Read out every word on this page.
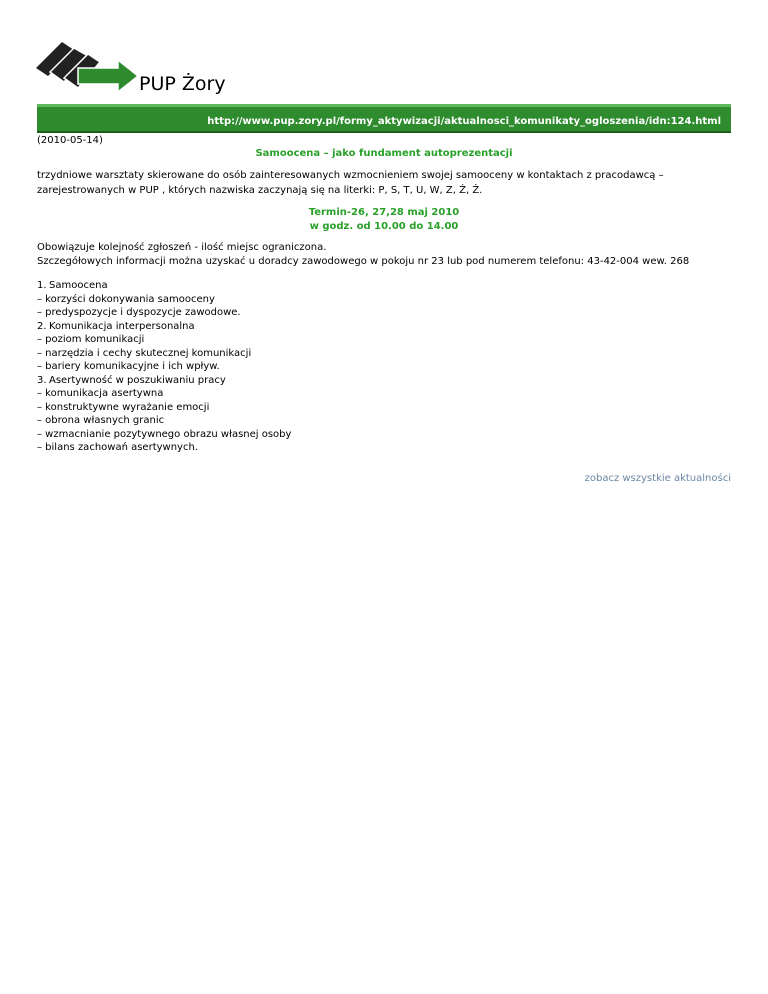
PUP Żory
http://www.pup.zory.pl/formy_aktywizacji/aktualnosci_komunikaty_ogloszenia/idn:124.html
(2010-05-14)
Samoocena – jako fundament autoprezentacji
trzydniowe warsztaty skierowane do osób zainteresowanych wzmocnieniem swojej samooceny w kontaktach z pracodawcą – zarejestrowanych w PUP , których nazwiska zaczynają się na literki: P, S, T, U, W, Z, Ź, Ż.
Termin-26, 27,28 maj 2010
w godz. od 10.00 do 14.00
Obowiązuje kolejność zgłoszeń - ilość miejsc ograniczona.
Szczegółowych informacji można uzyskać u doradcy zawodowego w pokoju nr 23 lub pod numerem telefonu: 43-42-004 wew. 268
1. Samoocena
– korzyści dokonywania samooceny
– predyspozycje i dyspozycje zawodowe.
2. Komunikacja interpersonalna
– poziom komunikacji
– narzędzia i cechy skutecznej komunikacji
– bariery komunikacyjne i ich wpływ.
3. Asertywność w poszukiwaniu pracy
– komunikacja asertywna
– konstruktywne wyrażanie emocji
– obrona własnych granic
– wzmacnianie pozytywnego obrazu własnej osoby
– bilans zachowań asertywnych.
zobacz wszystkie aktualności
